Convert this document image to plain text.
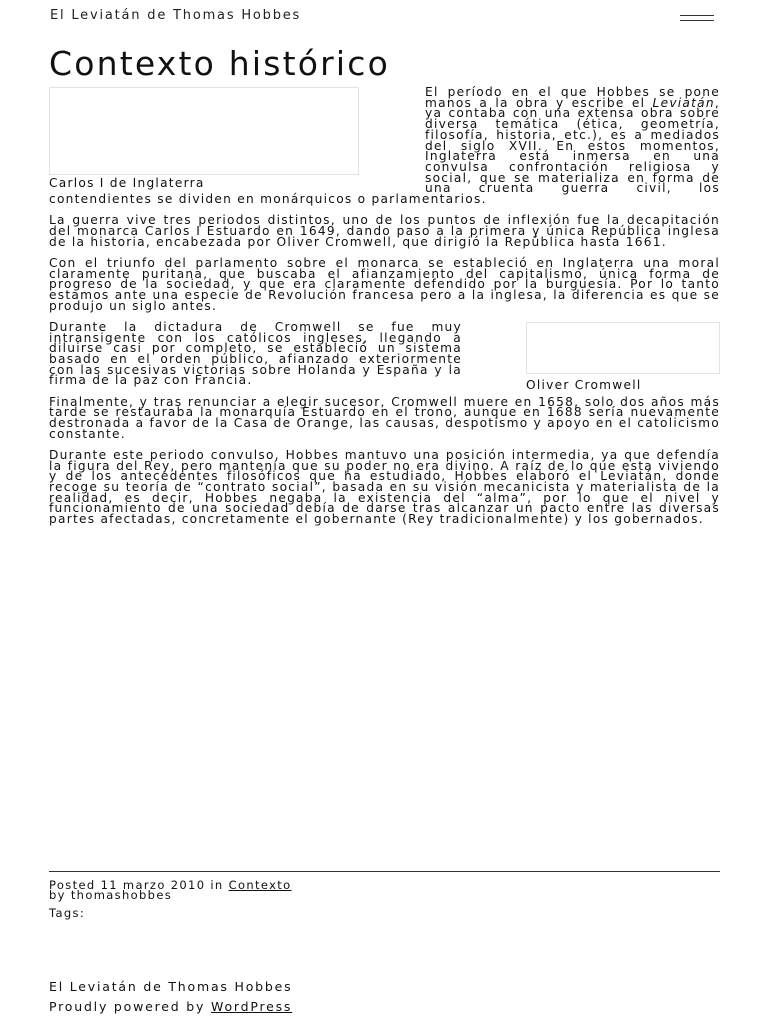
El Leviatán de Thomas Hobbes
Contexto histórico
Carlos I de Inglaterra

El período en el que Hobbes se pone manos a la obra y escribe el Leviatán, ya contaba con una extensa obra sobre diversa temática (ética, geometría, filosofía, historia, etc.), es a mediados del siglo XVII. En estos momentos, Inglaterra está inmersa en una convulsa confrontación religiosa y social, que se materializa en forma de una cruenta guerra civil, los contendientes se dividen en monárquicos o parlamentarios.

La guerra vive tres periodos distintos, uno de los puntos de inflexión fue la decapitación del monarca Carlos I Estuardo en 1649, dando paso a la primera y única República inglesa de la historia, encabezada por Oliver Cromwell, que dirigió la República hasta 1661.

Con el triunfo del parlamento sobre el monarca se estableció en Inglaterra una moral claramente puritana, que buscaba el afianzamiento del capitalismo, única forma de progreso de la sociedad, y que era claramente defendido por la burguesía. Por lo tanto estamos ante una especie de Revolución francesa pero a la inglesa, la diferencia es que se produjo un siglo antes.

Oliver Cromwell

Durante la dictadura de Cromwell se fue muy intransigente con los católicos ingleses, llegando a diluirse casi por completo, se estableció un sistema basado en el orden público, afianzado exteriormente con las sucesivas victorias sobre Holanda y España y la firma de la paz con Francia.

Finalmente, y tras renunciar a elegir sucesor, Cromwell muere en 1658, solo dos años más tarde se restauraba la monarquía Estuardo en el trono, aunque en 1688 sería nuevamente destronada a favor de la Casa de Orange, las causas, despotismo y apoyo en el catolicismo constante.

Durante este periodo convulso, Hobbes mantuvo una posición intermedia, ya que defendía la figura del Rey, pero mantenía que su poder no era divino. A raíz de lo que esta viviendo y de los antecedentes filosóficos que ha estudiado, Hobbes elaboró el Leviatán, donde recoge su teoría de “contrato social”, basada en su visión mecanicista y materialista de la realidad, es decir, Hobbes negaba la existencia del “alma”, por lo que el nivel y funcionamiento de una sociedad debía de darse tras alcanzar un pacto entre las diversas partes afectadas, concretamente el gobernante (Rey tradicionalmente) y los gobernados.

Posted 11 marzo 2010 in Contexto
by thomashobbes
Tags:
El Leviatán de Thomas Hobbes
Proudly powered by WordPress
